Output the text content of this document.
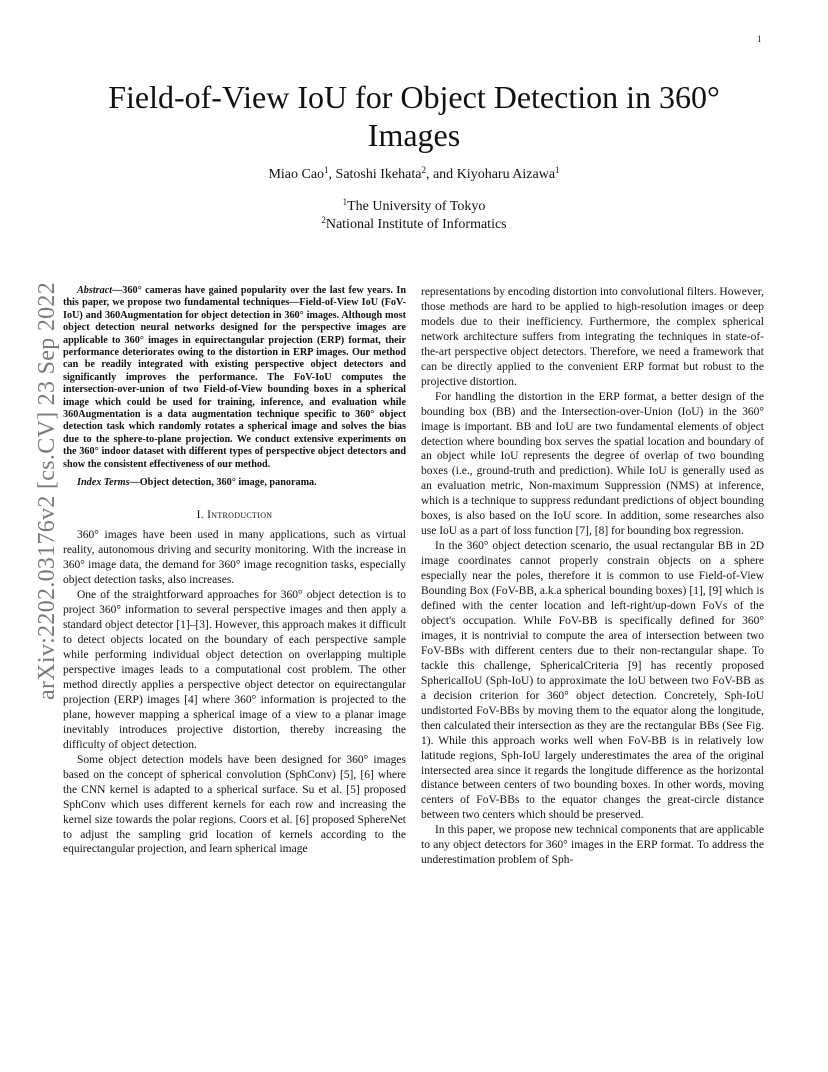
1
arXiv:2202.03176v2 [cs.CV] 23 Sep 2022
Field-of-View IoU for Object Detection in 360° Images
Miao Cao$^1$, Satoshi Ikehata$^2$, and Kiyoharu Aizawa$^1$
$^1$The University of Tokyo
$^2$National Institute of Informatics

Abstract—360° cameras have gained popularity over the last few years. In this paper, we propose two fundamental techniques—Field-of-View IoU (FoV-IoU) and 360Augmentation for object detection in 360° images. Although most object detection neural networks designed for the perspective images are applicable to 360° images in equirectangular projection (ERP) format, their performance deteriorates owing to the distortion in ERP images. Our method can be readily integrated with existing perspective object detectors and significantly improves the performance. The FoV-IoU computes the intersection-over-union of two Field-of-View bounding boxes in a spherical image which could be used for training, inference, and evaluation while 360Augmentation is a data augmentation technique specific to 360° object detection task which randomly rotates a spherical image and solves the bias due to the sphere-to-plane projection. We conduct extensive experiments on the 360° indoor dataset with different types of perspective object detectors and show the consistent effectiveness of our method.

Index Terms—Object detection, 360° image, panorama.

I. Introduction

360° images have been used in many applications, such as virtual reality, autonomous driving and security monitoring. With the increase in 360° image data, the demand for 360° image recognition tasks, especially object detection tasks, also increases.

One of the straightforward approaches for 360° object detection is to project 360° information to several perspective images and then apply a standard object detector [1]–[3]. However, this approach makes it difficult to detect objects located on the boundary of each perspective sample while performing individual object detection on overlapping multiple perspective images leads to a computational cost problem. The other method directly applies a perspective object detector on equirectangular projection (ERP) images [4] where 360° information is projected to the plane, however mapping a spherical image of a view to a planar image inevitably introduces projective distortion, thereby increasing the difficulty of object detection.

Some object detection models have been designed for 360° images based on the concept of spherical convolution (SphConv) [5], [6] where the CNN kernel is adapted to a spherical surface. Su et al. [5] proposed SphConv which uses different kernels for each row and increasing the kernel size towards the polar regions. Coors et al. [6] proposed SphereNet to adjust the sampling grid location of kernels according to the equirectangular projection, and learn spherical image

representations by encoding distortion into convolutional filters. However, those methods are hard to be applied to high-resolution images or deep models due to their inefficiency. Furthermore, the complex spherical network architecture suffers from integrating the techniques in state-of-the-art perspective object detectors. Therefore, we need a framework that can be directly applied to the convenient ERP format but robust to the projective distortion.

For handling the distortion in the ERP format, a better design of the bounding box (BB) and the Intersection-over-Union (IoU) in the 360° image is important. BB and IoU are two fundamental elements of object detection where bounding box serves the spatial location and boundary of an object while IoU represents the degree of overlap of two bounding boxes (i.e., ground-truth and prediction). While IoU is generally used as an evaluation metric, Non-maximum Suppression (NMS) at inference, which is a technique to suppress redundant predictions of object bounding boxes, is also based on the IoU score. In addition, some researches also use IoU as a part of loss function [7], [8] for bounding box regression.

In the 360° object detection scenario, the usual rectangular BB in 2D image coordinates cannot properly constrain objects on a sphere especially near the poles, therefore it is common to use Field-of-View Bounding Box (FoV-BB, a.k.a spherical bounding boxes) [1], [9] which is defined with the center location and left-right/up-down FoVs of the object's occupation. While FoV-BB is specifically defined for 360° images, it is nontrivial to compute the area of intersection between two FoV-BBs with different centers due to their non-rectangular shape. To tackle this challenge, SphericalCriteria [9] has recently proposed SphericalIoU (Sph-IoU) to approximate the IoU between two FoV-BB as a decision criterion for 360° object detection. Concretely, Sph-IoU undistorted FoV-BBs by moving them to the equator along the longitude, then calculated their intersection as they are the rectangular BBs (See Fig. 1). While this approach works well when FoV-BB is in relatively low latitude regions, Sph-IoU largely underestimates the area of the original intersected area since it regards the longitude difference as the horizontal distance between centers of two bounding boxes. In other words, moving centers of FoV-BBs to the equator changes the great-circle distance between two centers which should be preserved.

In this paper, we propose new technical components that are applicable to any object detectors for 360° images in the ERP format. To address the underestimation problem of Sph-
